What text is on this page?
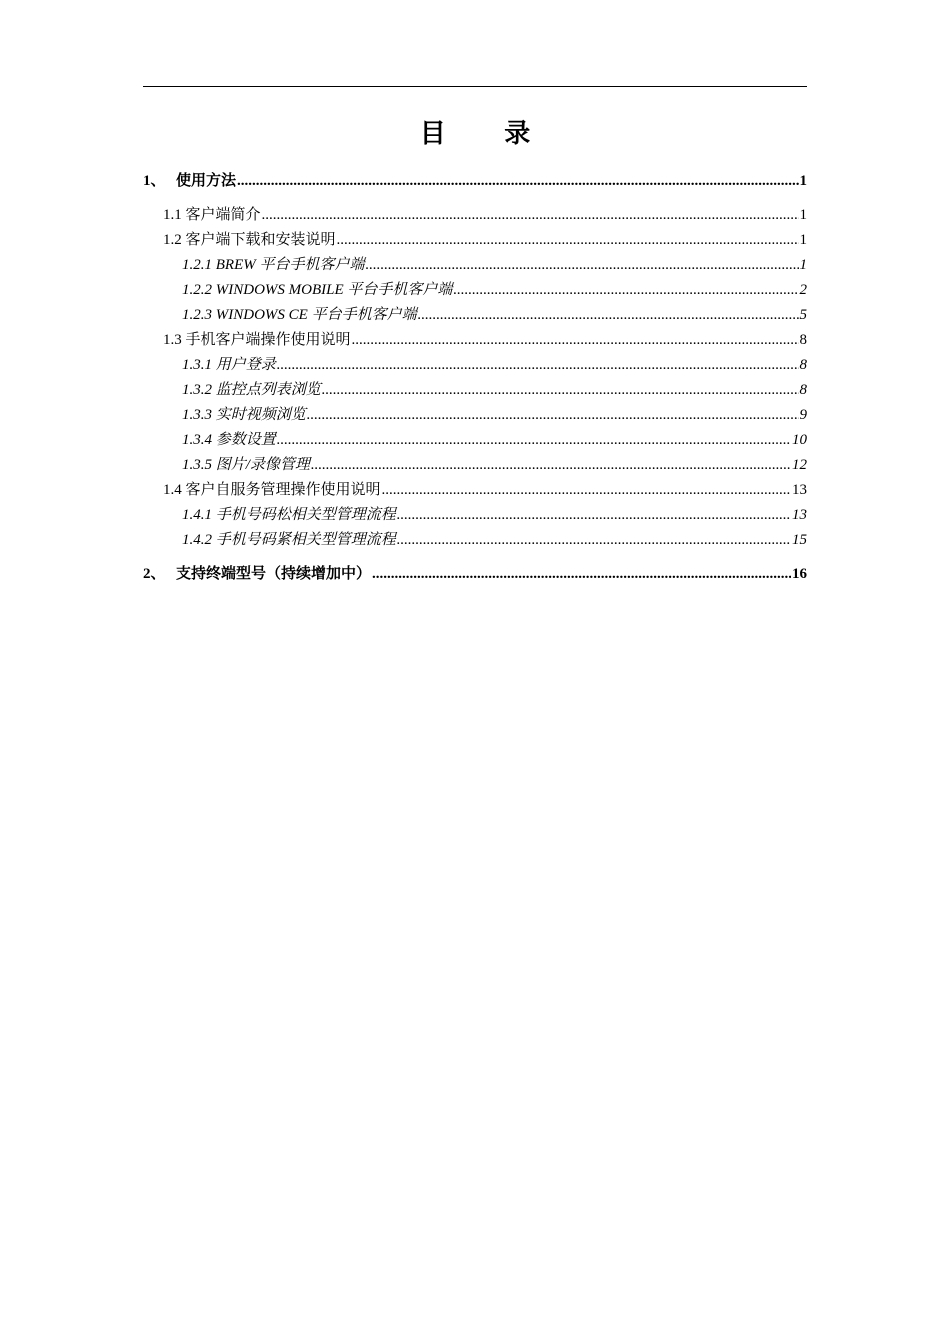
目 录
1、 使用方法 .....	1
1.1 客户端简介 .....	1
1.2 客户端下载和安装说明 .....	1
1.2.1 BREW 平台手机客户端 .....	1
1.2.2 WINDOWS MOBILE 平台手机客户端 .....	2
1.2.3 WINDOWS CE 平台手机客户端 .....	5
1.3 手机客户端操作使用说明 .....	8
1.3.1 用户登录 .....	8
1.3.2 监控点列表浏览 .....	8
1.3.3 实时视频浏览 .....	9
1.3.4 参数设置 .....	10
1.3.5 图片/录像管理 .....	12
1.4 客户自服务管理操作使用说明 .....	13
1.4.1 手机号码松相关型管理流程 .....	13
1.4.2 手机号码紧相关型管理流程 .....	15
2、 支持终端型号（持续增加中） .....	16
